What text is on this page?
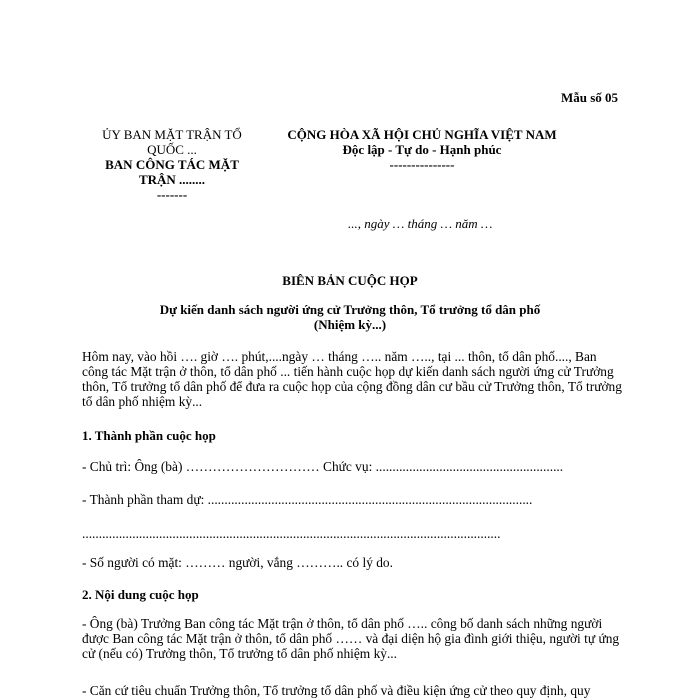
Mẫu số 05
ỦY BAN MẶT TRẬN TỔ QUỐC ...
BAN CÔNG TÁC MẶT TRẬN ........
-------
CỘNG HÒA XÃ HỘI CHỦ NGHĨA VIỆT NAM
Độc lập - Tự do - Hạnh phúc
---------------
..., ngày … tháng … năm …
BIÊN BẢN CUỘC HỌP
Dự kiến danh sách người ứng cử Trưởng thôn, Tổ trưởng tổ dân phố
(Nhiệm kỳ...)
Hôm nay, vào hồi …. giờ …. phút,....ngày … tháng ….. năm ….., tại ... thôn, tổ dân phố...., Ban công tác Mặt trận ở thôn, tổ dân phố ... tiến hành cuộc họp dự kiến danh sách người ứng cử Trưởng thôn, Tổ trưởng tổ dân phố để đưa ra cuộc họp của cộng đồng dân cư bầu cử Trưởng thôn, Tổ trưởng tổ dân phố nhiệm kỳ...
1. Thành phần cuộc họp
- Chủ trì: Ông (bà) ………………………… Chức vụ: ........................................................
- Thành phần tham dự: .................................................................................................
.............................................................................................................................
- Số người có mặt: ……… người, vắng ……….. có lý do.
2. Nội dung cuộc họp
- Ông (bà) Trưởng Ban công tác Mặt trận ở thôn, tổ dân phố ….. công bố danh sách những người được Ban công tác Mặt trận ở thôn, tổ dân phố …… và đại diện hộ gia đình giới thiệu, người tự ứng cử (nếu có) Trưởng thôn, Tổ trưởng tổ dân phố nhiệm kỳ...
- Căn cứ tiêu chuẩn Trưởng thôn, Tổ trưởng tổ dân phố và điều kiện ứng cử theo quy định, quy
